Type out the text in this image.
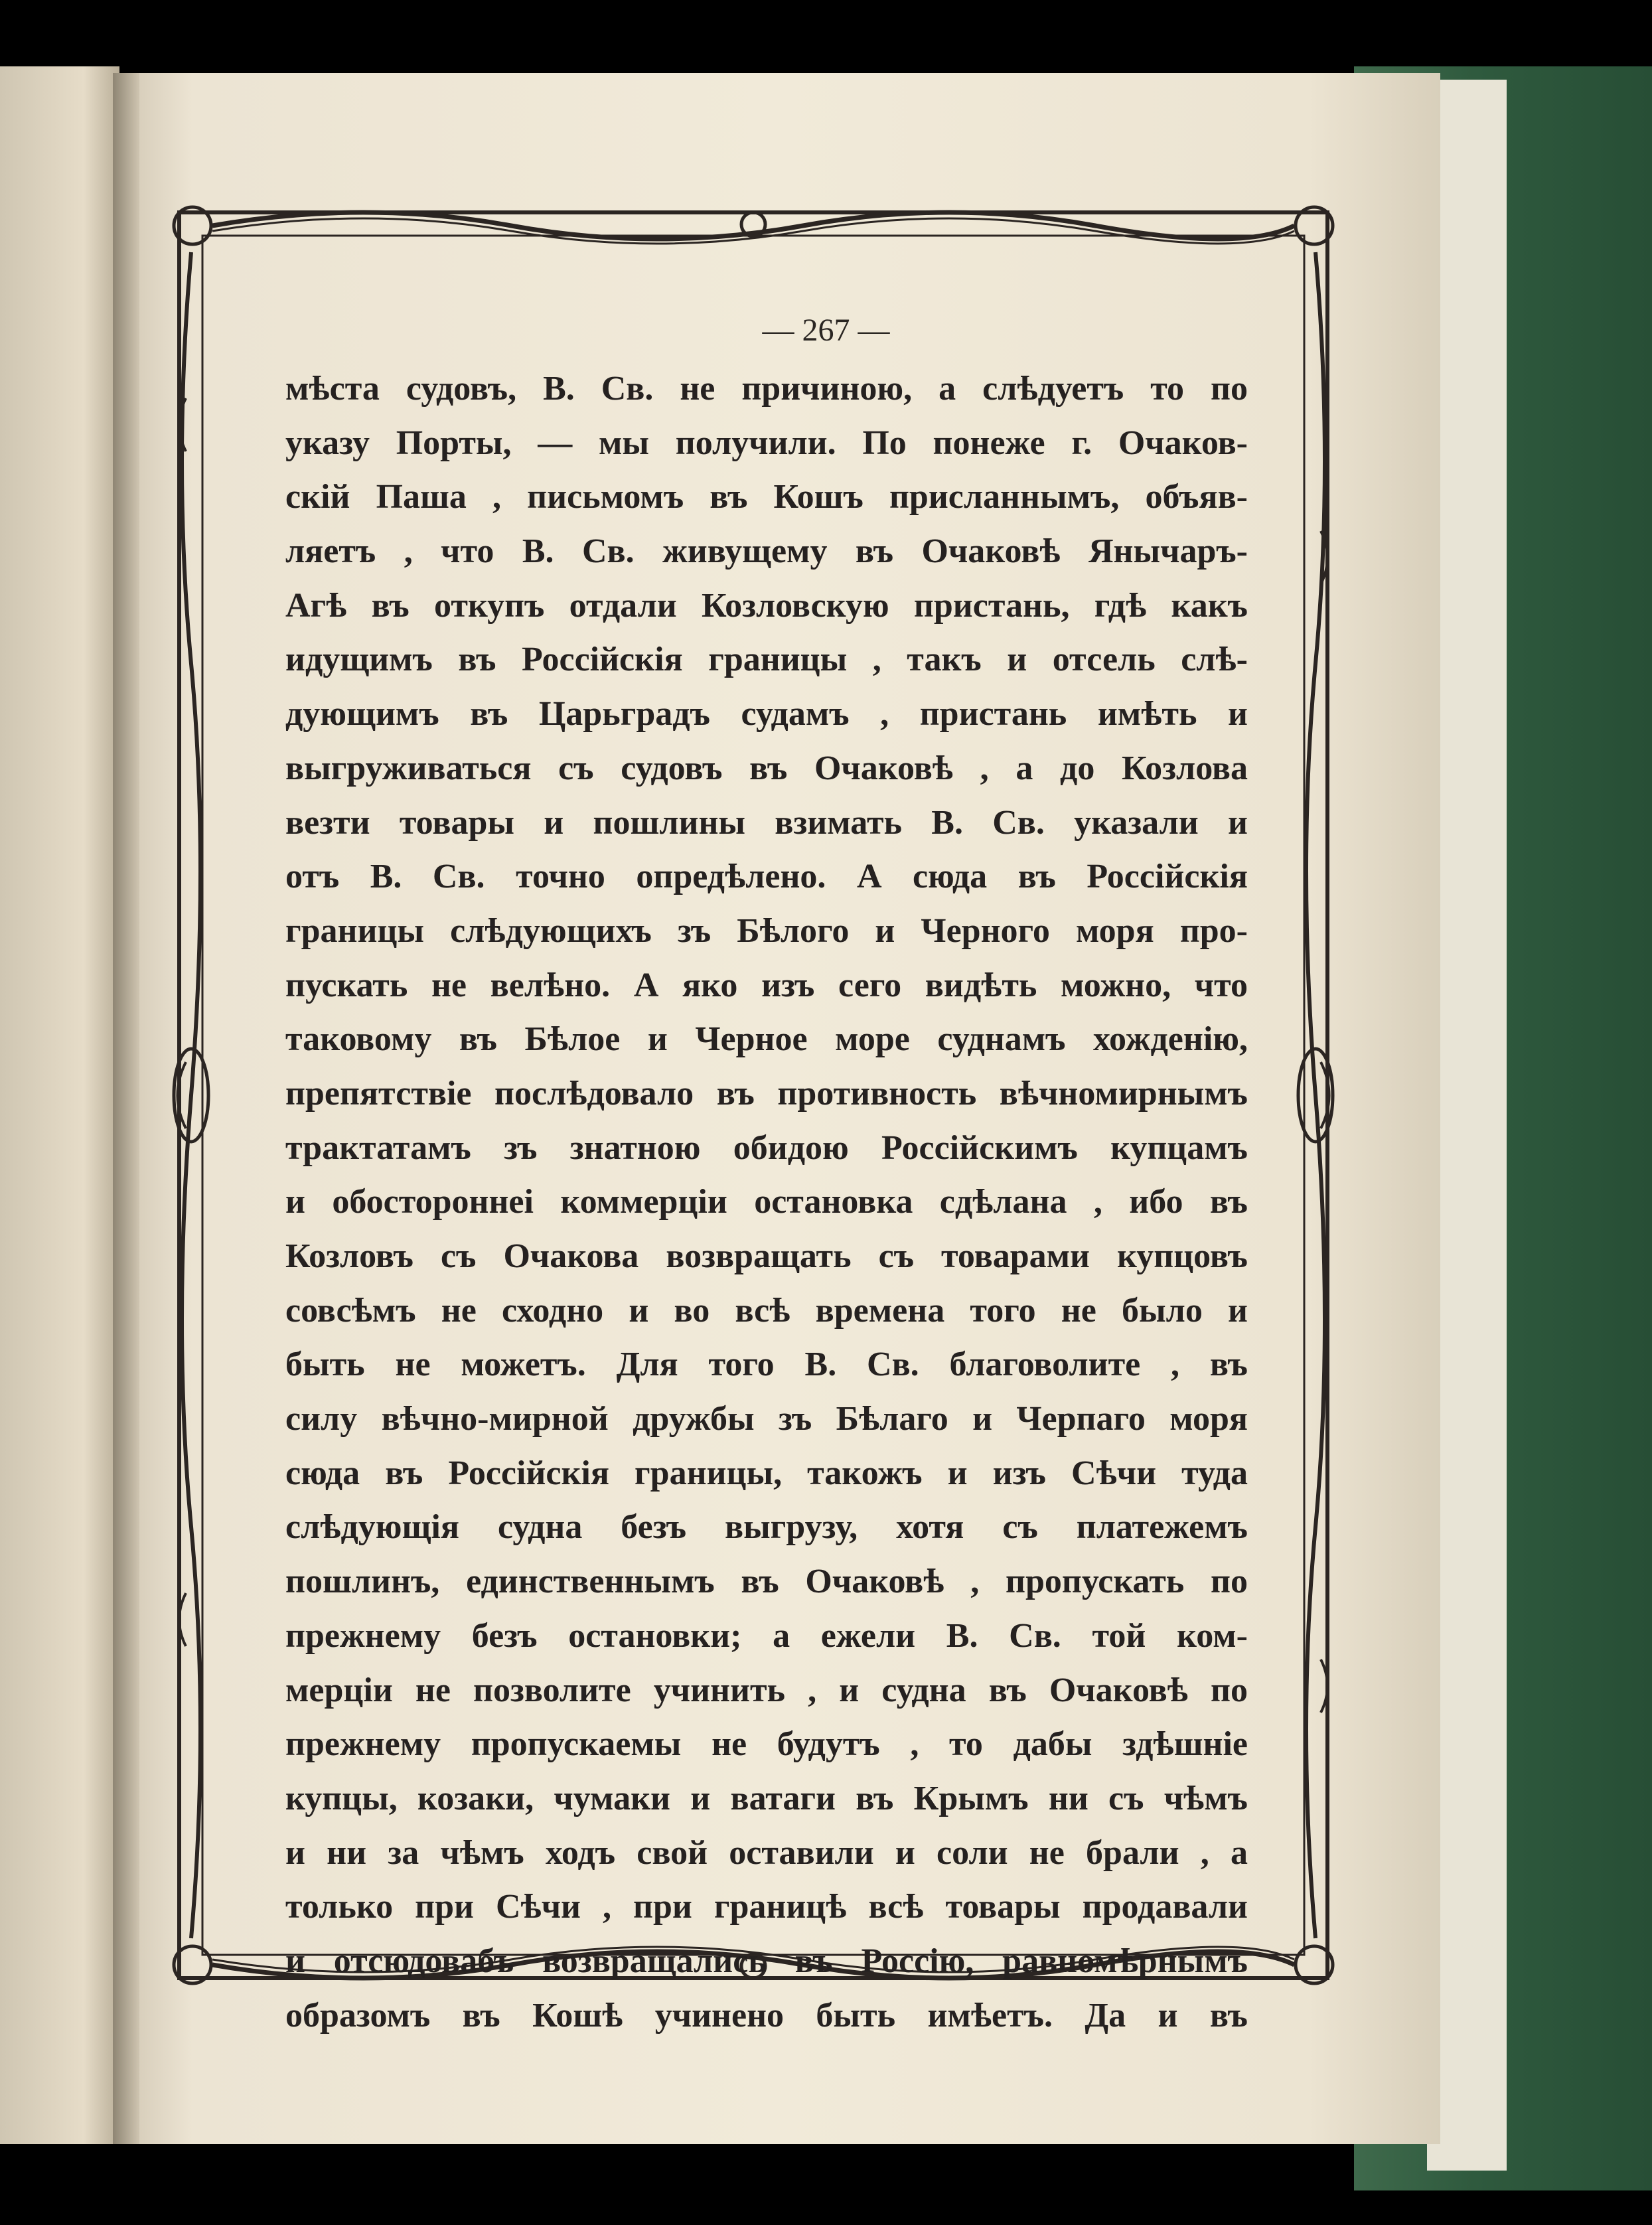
— 267 —
мѣста судовъ, В. Св. не причиною, а слѣдуетъ то по
указу Порты, — мы получили. По понеже г. Очаков-
скій Паша , письмомъ въ Кошъ присланнымъ, объяв-
ляетъ , что В. Св. живущему въ Очаковѣ Янычаръ-
Агѣ въ откупъ отдали Козловскую пристань, гдѣ какъ
идущимъ въ Россійскія границы , такъ и отсель слѣ-
дующимъ въ Царьградъ судамъ , пристань имѣть и
выгруживаться съ судовъ въ Очаковѣ , а до Козлова
везти товары и пошлины взимать В. Св. указали и
отъ В. Св. точно опредѣлено. А сюда въ Россійскія
границы слѣдующихъ зъ Бѣлого и Черного моря про-
пускать не велѣно. А яко изъ сего видѣть можно, что
таковому въ Бѣлое и Черное море суднамъ хожденію,
препятствіе послѣдовало въ противность вѣчномирнымъ
трактатамъ зъ знатною обидою Россійскимъ купцамъ
и обостороннеі коммерціи остановка сдѣлана , ибо въ
Козловъ съ Очакова возвращать съ товарами купцовъ
совсѣмъ не сходно и во всѣ времена того не было и
быть не можетъ. Для того В. Св. благоволите , въ
силу вѣчно-мирной дружбы зъ Бѣлаго и Черпаго моря
сюда въ Россійскія границы, такожъ и изъ Сѣчи туда
слѣдующія судна безъ выгрузу, хотя съ платежемъ
пошлинъ, единственнымъ въ Очаковѣ , пропускать по
прежнему безъ остановки; а ежели В. Св. той ком-
мерціи не позволите учинить , и судна въ Очаковѣ по
прежнему пропускаемы не будутъ , то дабы здѣшніе
купцы, козаки, чумаки и ватаги въ Крымъ ни съ чѣмъ
и ни за чѣмъ ходъ свой оставили и соли не брали , а
только при Сѣчи , при границѣ всѣ товары продавали
и отсюдовабъ возвращались въ Россію, равномѣрнымъ
образомъ въ Кошѣ учинено быть имѣетъ. Да и въ
